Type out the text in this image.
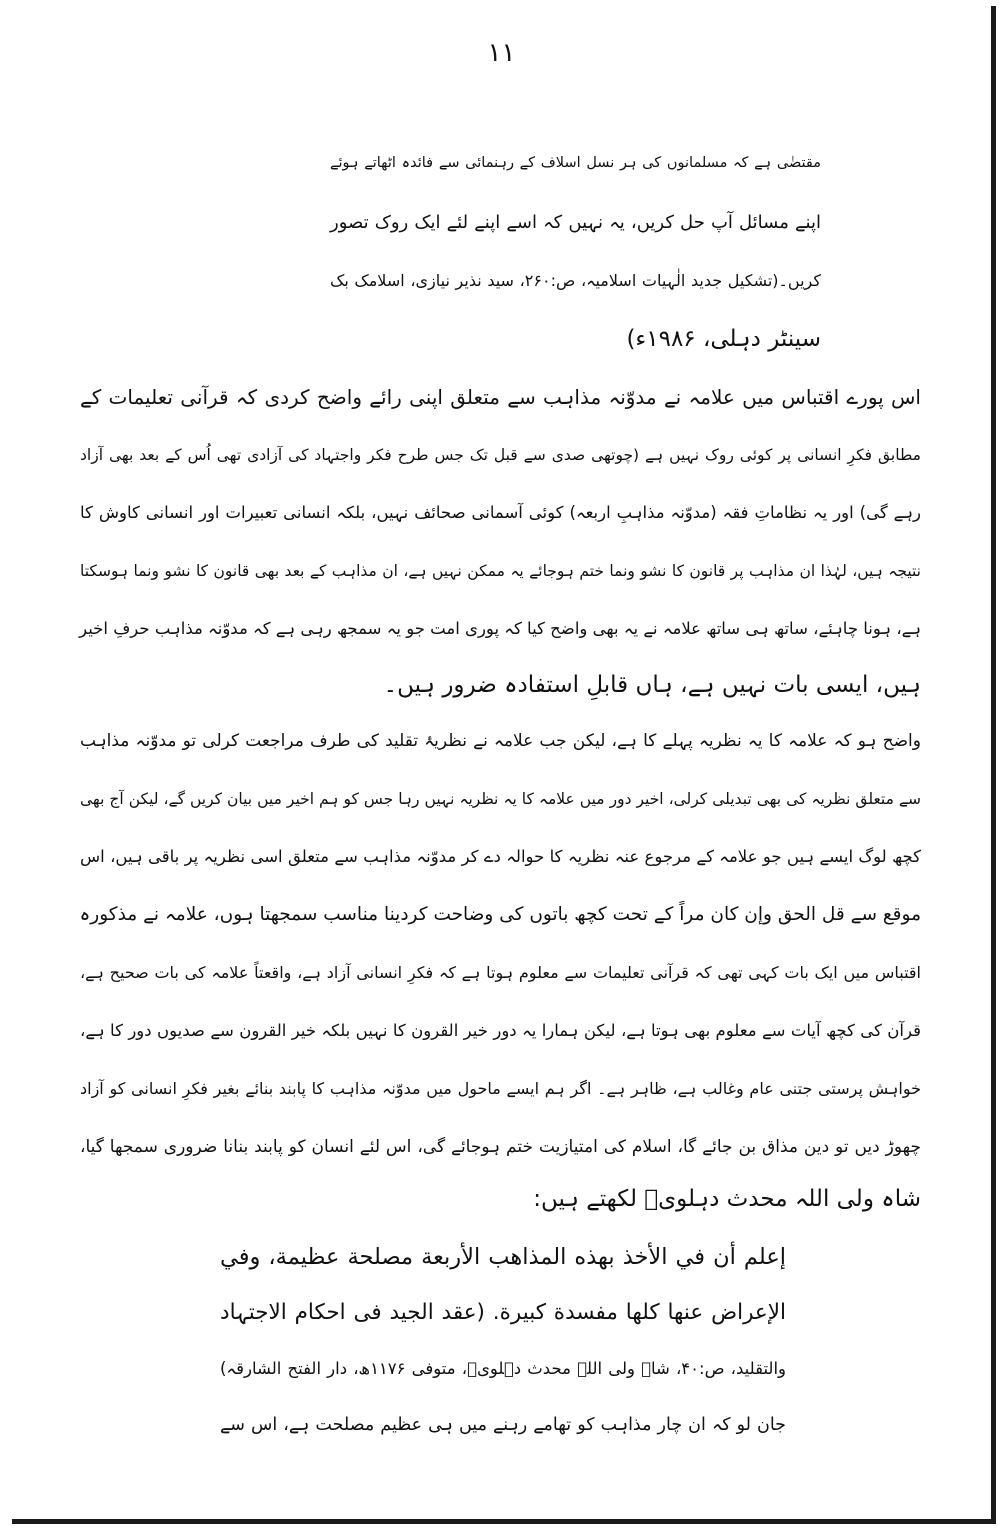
۱۱

مقتضٰی ہے کہ مسلمانوں کی ہر نسل اسلاف کے رہنمائی سے فائدہ اٹھاتے ہوئے

اپنے مسائل آپ حل کریں، یہ نہیں کہ اسے اپنے لئے ایک روک تصور

کریں۔(تشکیل جدید الٰہیات اسلامیہ، ص:۲۶۰، سید نذیر نیازی، اسلامک بک

سینٹر دہلی، ۱۹۸۶ء)

اس پورے اقتباس میں علامہ نے مدوّنہ مذاہب سے متعلق اپنی رائے واضح کردی کہ قرآنی تعلیمات کے

مطابق فکرِ انسانی پر کوئی روک نہیں ہے (چوتھی صدی سے قبل تک جس طرح فکر واجتہاد کی آزادی تھی اُس کے بعد بھی آزاد

رہے گی) اور یہ نظاماتِ فقہ (مدوّنہ مذاہبِ اربعہ) کوئی آسمانی صحائف نہیں، بلکہ انسانی تعبیرات اور انسانی کاوش کا

نتیجہ ہیں، لہٰذا ان مذاہب پر قانون کا نشو ونما ختم ہوجائے یہ ممکن نہیں ہے، ان مذاہب کے بعد بھی قانون کا نشو ونما ہوسکتا

ہے، ہونا چاہئے، ساتھ ہی ساتھ علامہ نے یہ بھی واضح کیا کہ پوری امت جو یہ سمجھ رہی ہے کہ مدوّنہ مذاہب حرفِ اخیر

ہیں، ایسی بات نہیں ہے، ہاں قابلِ استفادہ ضرور ہیں۔

واضح ہو کہ علامہ کا یہ نظریہ پہلے کا ہے، لیکن جب علامہ نے نظریۂ تقلید کی طرف مراجعت کرلی تو مدوّنہ مذاہب

سے متعلق نظریہ کی بھی تبدیلی کرلی، اخیر دور میں علامہ کا یہ نظریہ نہیں رہا جس کو ہم اخیر میں بیان کریں گے، لیکن آج بھی

کچھ لوگ ایسے ہیں جو علامہ کے مرجوع عنہ نظریہ کا حوالہ دے کر مدوّنہ مذاہب سے متعلق اسی نظریہ پر باقی ہیں، اس

موقع سے قل الحق وإن کان مراً کے تحت کچھ باتوں کی وضاحت کردینا مناسب سمجھتا ہوں، علامہ نے مذکورہ

اقتباس میں ایک بات کہی تھی کہ قرآنی تعلیمات سے معلوم ہوتا ہے کہ فکرِ انسانی آزاد ہے، واقعتاً علامہ کی بات صحیح ہے،

قرآن کی کچھ آیات سے معلوم بھی ہوتا ہے، لیکن ہمارا یہ دور خیر القرون کا نہیں بلکہ خیر القرون سے صدیوں دور کا ہے،

خواہش پرستی جتنی عام وغالب ہے، ظاہر ہے۔ اگر ہم ایسے ماحول میں مدوّنہ مذاہب کا پابند بنائے بغیر فکرِ انسانی کو آزاد

چھوڑ دیں تو دین مذاق بن جائے گا، اسلام کی امتیازیت ختم ہوجائے گی، اس لئے انسان کو پابند بنانا ضروری سمجھا گیا،

شاہ ولی اللہ محدث دہلویؒ لکھتے ہیں:

إعلم أن في الأخذ بهذه المذاهب الأربعة مصلحة عظيمة، وفي

الإعراض عنها كلها مفسدة كبيرة. (عقد الجید فی احکام الاجتہاد

والتقلید، ص:۴۰، شاہ ولی اللہ محدث دہلویؒ، متوفی ۱۱۷۶ھ، دار الفتح الشارقہ)

جان لو کہ ان چار مذاہب کو تھامے رہنے میں ہی عظیم مصلحت ہے، اس سے
